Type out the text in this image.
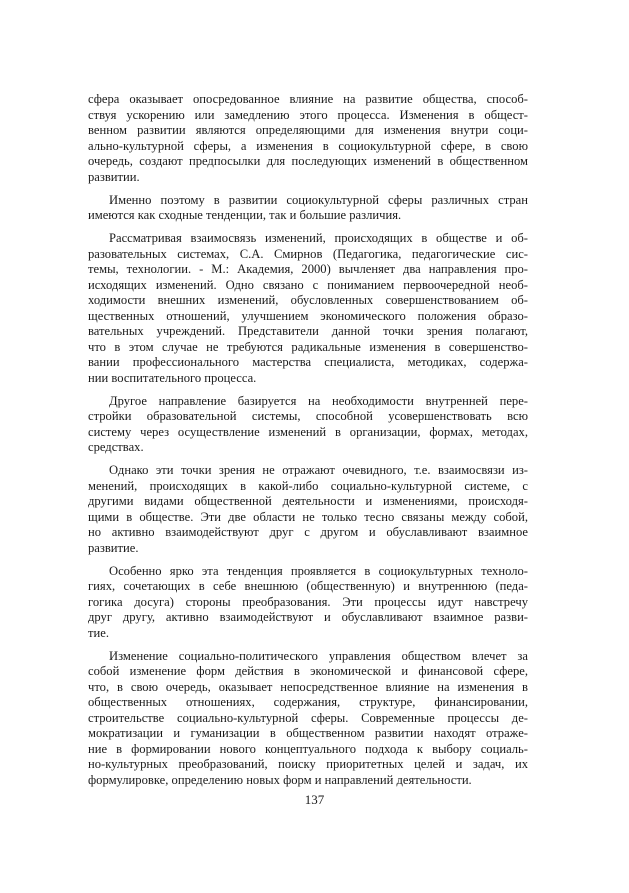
сфера оказывает опосредованное влияние на развитие общества, способ-
ствуя ускорению или замедлению этого процесса. Изменения в общест-
венном развитии являются определяющими для изменения внутри соци-
ально-культурной сферы, а изменения в социокультурной сфере, в свою
очередь, создают предпосылки для последующих изменений в общественном развитии.

Именно поэтому в развитии социокультурной сферы различных стран
имеются как сходные тенденции, так и большие различия.

Рассматривая взаимосвязь изменений, происходящих в обществе и об-
разовательных системах, С.А. Смирнов (Педагогика, педагогические сис-
темы, технологии. - М.: Академия, 2000) вычленяет два направления про-
исходящих изменений. Одно связано с пониманием первоочередной необ-
ходимости внешних изменений, обусловленных совершенствованием об-
щественных отношений, улучшением экономического положения образо-
вательных учреждений. Представители данной точки зрения полагают,
что в этом случае не требуются радикальные изменения в совершенство-
вании профессионального мастерства специалиста, методиках, содержа-
нии воспитательного процесса.

Другое направление базируется на необходимости внутренней пере-
стройки образовательной системы, способной усовершенствовать всю
систему через осуществление изменений в организации, формах, методах,
средствах.

Однако эти точки зрения не отражают очевидного, т.е. взаимосвязи из-
менений, происходящих в какой-либо социально-культурной системе, с
другими видами общественной деятельности и изменениями, происходя-
щими в обществе. Эти две области не только тесно связаны между собой,
но активно взаимодействуют друг с другом и обуславливают взаимное
развитие.

Особенно ярко эта тенденция проявляется в социокультурных техноло-
гиях, сочетающих в себе внешнюю (общественную) и внутреннюю (педа-
гогика досуга) стороны преобразования. Эти процессы идут навстречу
друг другу, активно взаимодействуют и обуславливают взаимное разви-
тие.

Изменение социально-политического управления обществом влечет за
собой изменение форм действия в экономической и финансовой сфере,
что, в свою очередь, оказывает непосредственное влияние на изменения в
общественных отношениях, содержания, структуре, финансировании,
строительстве социально-культурной сферы. Современные процессы де-
мократизации и гуманизации в общественном развитии находят отраже-
ние в формировании нового концептуального подхода к выбору социаль-
но-культурных преобразований, поиску приоритетных целей и задач, их
формулировке, определению новых форм и направлений деятельности.

137
